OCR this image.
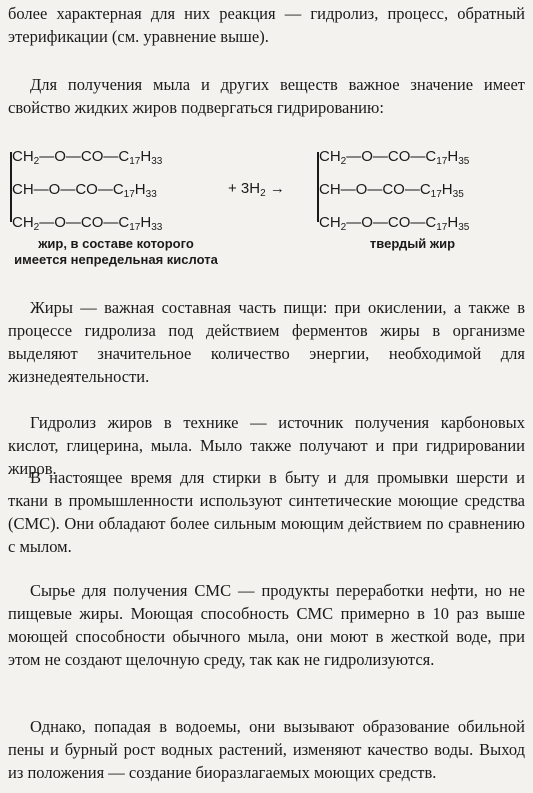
более характерная для них реакция — гидролиз, процесс, обратный этерификации (см. уравнение выше).

Для получения мыла и других веществ важное значение имеет свойство жидких жиров подвергаться гидрированию:

$CH_2—O—CO—C_{17}H_{33}$
$CH—O—CO—C_{17}H_{33}$
$CH_2—O—CO—C_{17}H_{33}$
+ $3H_2$ →
$CH_2—O—CO—C_{17}H_{35}$
$CH—O—CO—C_{17}H_{35}$
$CH_2—O—CO—C_{17}H_{35}$
жир, в составе которого имеется непредельная кислота
твердый жир

Жиры — важная составная часть пищи: при окислении, а также в процессе гидролиза под действием ферментов жиры в организме выделяют значительное количество энергии, необходимой для жизнедеятельности.

Гидролиз жиров в технике — источник получения карбоновых кислот, глицерина, мыла. Мыло также получают и при гидрировании жиров.

В настоящее время для стирки в быту и для промывки шерсти и ткани в промышленности используют синтетические моющие средства (СМС). Они обладают более сильным моющим действием по сравнению с мылом.

Сырье для получения СМС — продукты переработки нефти, но не пищевые жиры. Моющая способность СМС примерно в 10 раз выше моющей способности обычного мыла, они моют в жесткой воде, при этом не создают щелочную среду, так как не гидролизуются.

Однако, попадая в водоемы, они вызывают образование обильной пены и бурный рост водных растений, изменяют качество воды. Выход из положения — создание биоразлагаемых моющих средств.
